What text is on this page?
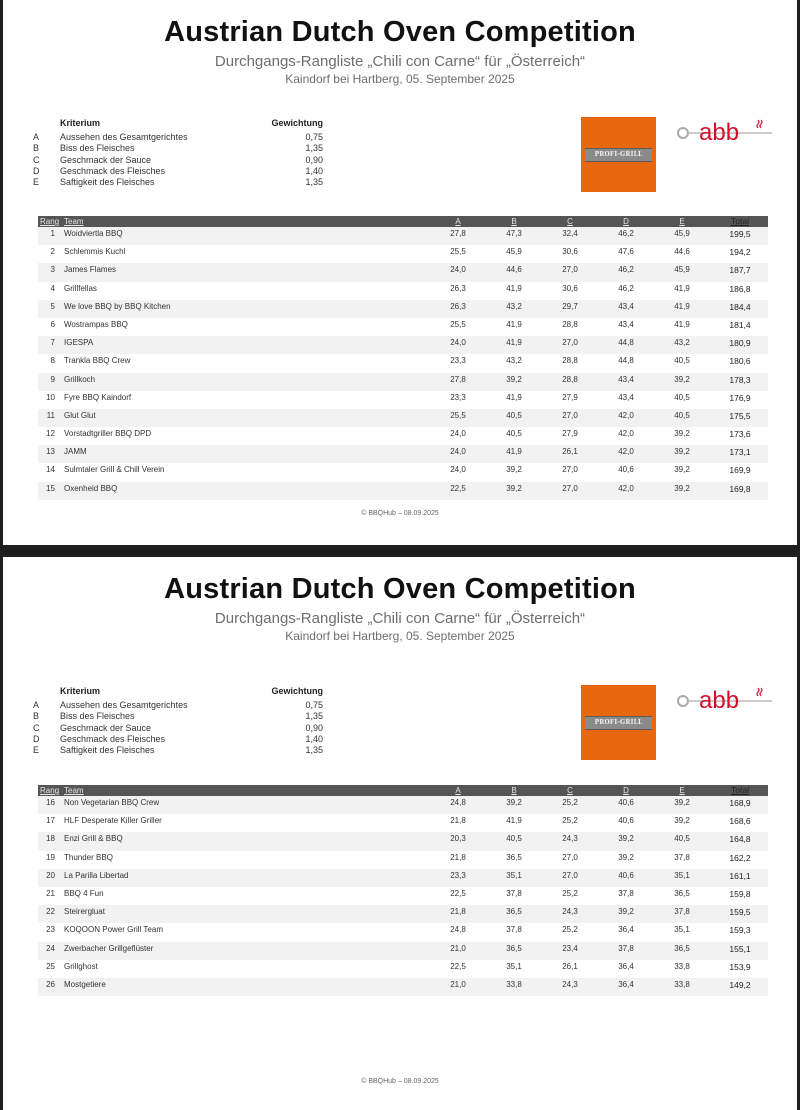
Austrian Dutch Oven Competition
Durchgangs-Rangliste „Chili con Carne“ für „Österreich“
Kaindorf bei Hartberg, 05. September 2025
Kriterium	Gewichtung
A Aussehen des Gesamtgerichtes	0,75
B Biss des Fleisches	1,35
C Geschmack der Sauce	0,90
D Geschmack des Fleisches	1,40
E Saftigkeit des Fleisches	1,35
PROFI-GRILL
abb
Rang Team	A	B	C	D	E	Total
1 Woidviertla BBQ	27,8	47,3	32,4	46,2	45,9	199,5
2 Schlemmis Kuchl	25,5	45,9	30,6	47,6	44,6	194,2
3 James Flames	24,0	44,6	27,0	46,2	45,9	187,7
4 Grillfellas	26,3	41,9	30,6	46,2	41,9	186,8
5 We love BBQ by BBQ Kitchen	26,3	43,2	29,7	43,4	41,9	184,4
6 Wostrampas BBQ	25,5	41,9	28,8	43,4	41,9	181,4
7 IGESPA	24,0	41,9	27,0	44,8	43,2	180,9
8 Trankla BBQ Crew	23,3	43,2	28,8	44,8	40,5	180,6
9 Grillkoch	27,8	39,2	28,8	43,4	39,2	178,3
10 Fyre BBQ Kaindorf	23,3	41,9	27,9	43,4	40,5	176,9
11 Glut Glut	25,5	40,5	27,0	42,0	40,5	175,5
12 Vorstadtgriller BBQ DPD	24,0	40,5	27,9	42,0	39,2	173,6
13 JAMM	24,0	41,9	26,1	42,0	39,2	173,1
14 Sulmtaler Grill & Chill Verein	24,0	39,2	27,0	40,6	39,2	169,9
15 Oxenheid BBQ	22,5	39,2	27,0	42,0	39,2	169,8
© BBQHub – 08.09.2025
Austrian Dutch Oven Competition
Durchgangs-Rangliste „Chili con Carne“ für „Österreich“
Kaindorf bei Hartberg, 05. September 2025
Kriterium	Gewichtung
A Aussehen des Gesamtgerichtes	0,75
B Biss des Fleisches	1,35
C Geschmack der Sauce	0,90
D Geschmack des Fleisches	1,40
E Saftigkeit des Fleisches	1,35
PROFI-GRILL
abb
Rang Team	A	B	C	D	E	Total
16 Non Vegetarian BBQ Crew	24,8	39,2	25,2	40,6	39,2	168,9
17 HLF Desperate Killer Griller	21,8	41,9	25,2	40,6	39,2	168,6
18 Enzi Grill & BBQ	20,3	40,5	24,3	39,2	40,5	164,8
19 Thunder BBQ	21,8	36,5	27,0	39,2	37,8	162,2
20 La Parilla Libertad	23,3	35,1	27,0	40,6	35,1	161,1
21 BBQ 4 Fun	22,5	37,8	25,2	37,8	36,5	159,8
22 Steirergluat	21,8	36,5	24,3	39,2	37,8	159,5
23 KOQOON Power Grill Team	24,8	37,8	25,2	36,4	35,1	159,3
24 Zwerbacher Grillgeflüster	21,0	36,5	23,4	37,8	36,5	155,1
25 Grillghost	22,5	35,1	26,1	36,4	33,8	153,9
26 Mostgetiere	21,0	33,8	24,3	36,4	33,8	149,2
© BBQHub – 08.09.2025
